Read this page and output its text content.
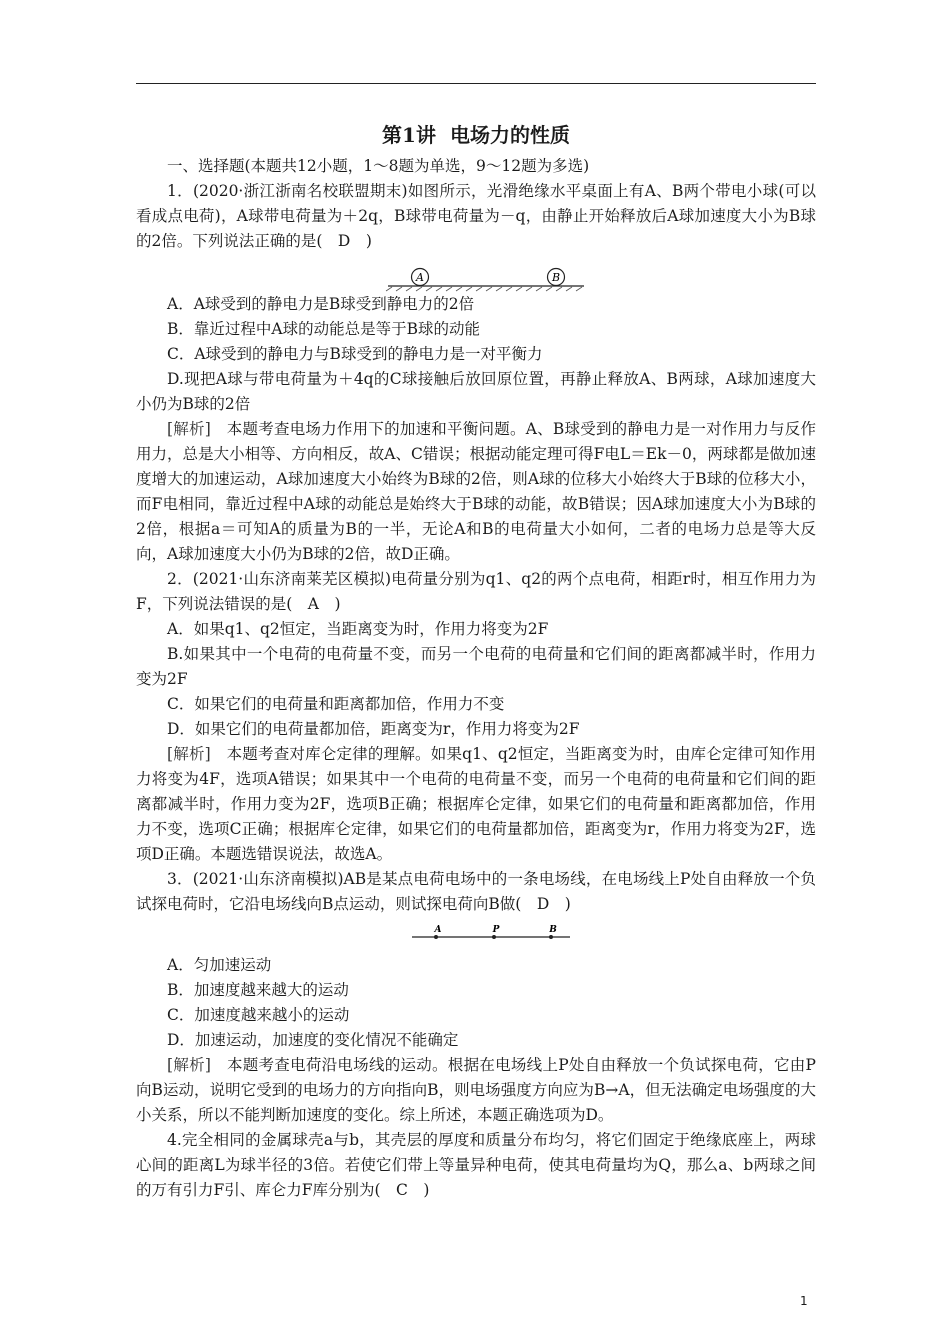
第1讲 电场力的性质

一、选择题(本题共12小题，1～8题为单选，9～12题为多选)

1．(2020·浙江浙南名校联盟期末)如图所示，光滑绝缘水平桌面上有A、B两个带电小球(可以看成点电荷)，A球带电荷量为＋2q，B球带电荷量为－q，由静止开始释放后A球加速度大小为B球的2倍。下列说法正确的是(　D　)

A	B

A．A球受到的静电力是B球受到静电力的2倍

B．靠近过程中A球的动能总是等于B球的动能

C．A球受到的静电力与B球受到的静电力是一对平衡力

D.现把A球与带电荷量为＋4q的C球接触后放回原位置，再静止释放A、B两球，A球加速度大小仍为B球的2倍

[解析]　本题考查电场力作用下的加速和平衡问题。A、B球受到的静电力是一对作用力与反作用力，总是大小相等、方向相反，故A、C错误；根据动能定理可得F电L＝Ek－0，两球都是做加速度增大的加速运动，A球加速度大小始终为B球的2倍，则A球的位移大小始终大于B球的位移大小，而F电相同，靠近过程中A球的动能总是始终大于B球的动能，故B错误；因A球加速度大小为B球的2倍，根据a＝可知A的质量为B的一半，无论A和B的电荷量大小如何，二者的电场力总是等大反向，A球加速度大小仍为B球的2倍，故D正确。

2．(2021·山东济南莱芜区模拟)电荷量分别为q1、q2的两个点电荷，相距r时，相互作用力为F，下列说法错误的是(　A　)

A．如果q1、q2恒定，当距离变为时，作用力将变为2F

B.如果其中一个电荷的电荷量不变，而另一个电荷的电荷量和它们间的距离都减半时，作用力变为2F

C．如果它们的电荷量和距离都加倍，作用力不变

D．如果它们的电荷量都加倍，距离变为r，作用力将变为2F

[解析]　本题考查对库仑定律的理解。如果q1、q2恒定，当距离变为时，由库仑定律可知作用力将变为4F，选项A错误；如果其中一个电荷的电荷量不变，而另一个电荷的电荷量和它们间的距离都减半时，作用力变为2F，选项B正确；根据库仑定律，如果它们的电荷量和距离都加倍，作用力不变，选项C正确；根据库仑定律，如果它们的电荷量都加倍，距离变为r，作用力将变为2F，选项D正确。本题选错误说法，故选A。

3．(2021·山东济南模拟)AB是某点电荷电场中的一条电场线，在电场线上P处自由释放一个负试探电荷时，它沿电场线向B点运动，则试探电荷向B做(　D　)

A	P	B

A．匀加速运动

B．加速度越来越大的运动

C．加速度越来越小的运动

D．加速运动，加速度的变化情况不能确定

[解析]　本题考查电荷沿电场线的运动。根据在电场线上P处自由释放一个负试探电荷，它由P向B运动，说明它受到的电场力的方向指向B，则电场强度方向应为B→A，但无法确定电场强度的大小关系，所以不能判断加速度的变化。综上所述，本题正确选项为D。

4.完全相同的金属球壳a与b，其壳层的厚度和质量分布均匀，将它们固定于绝缘底座上，两球心间的距离L为球半径的3倍。若使它们带上等量异种电荷，使其电荷量均为Q，那么a、b两球之间的万有引力F引、库仑力F库分别为(　C　)

1
